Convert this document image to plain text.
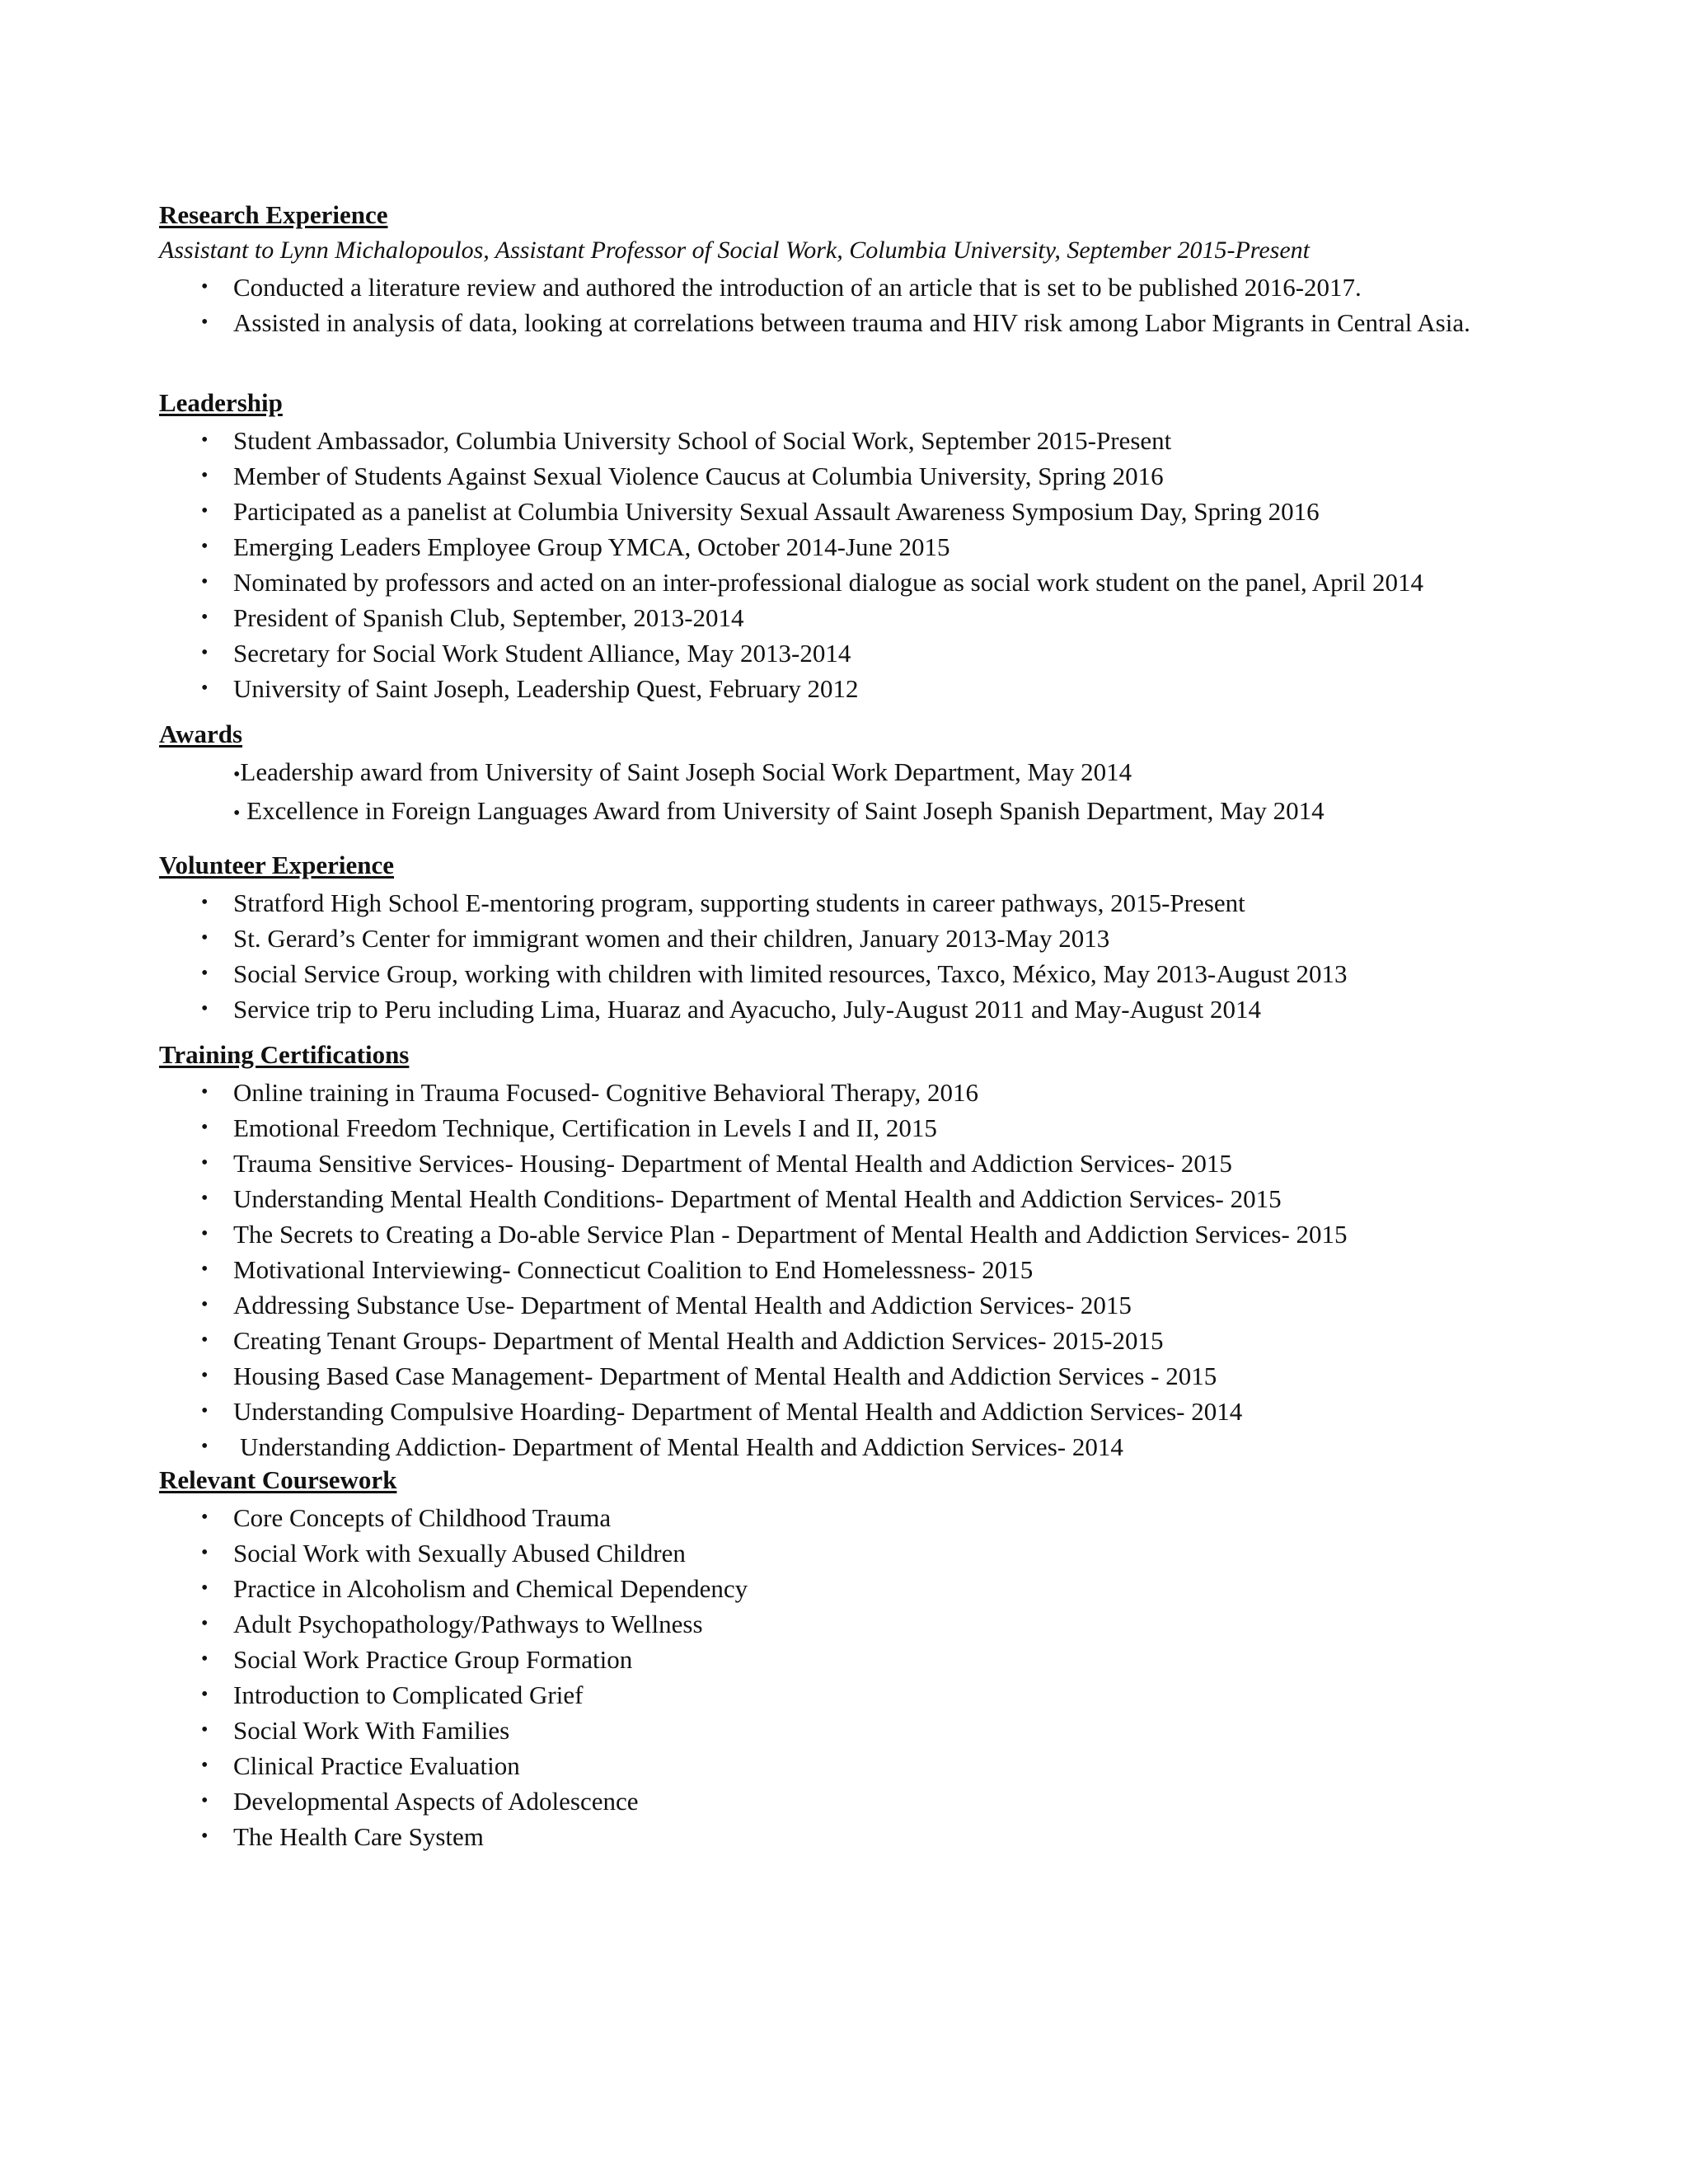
Research Experience
Assistant to Lynn Michalopoulos, Assistant Professor of Social Work, Columbia University, September 2015-Present
• Conducted a literature review and authored the introduction of an article that is set to be published 2016-2017.
• Assisted in analysis of data, looking at correlations between trauma and HIV risk among Labor Migrants in Central Asia.
Leadership
• Student Ambassador, Columbia University School of Social Work, September 2015-Present
• Member of Students Against Sexual Violence Caucus at Columbia University, Spring 2016
• Participated as a panelist at Columbia University Sexual Assault Awareness Symposium Day, Spring 2016
• Emerging Leaders Employee Group YMCA, October 2014-June 2015
• Nominated by professors and acted on an inter-professional dialogue as social work student on the panel, April 2014
• President of Spanish Club, September, 2013-2014
• Secretary for Social Work Student Alliance, May 2013-2014
• University of Saint Joseph, Leadership Quest, February 2012
Awards
•Leadership award from University of Saint Joseph Social Work Department, May 2014
• Excellence in Foreign Languages Award from University of Saint Joseph Spanish Department, May 2014
Volunteer Experience
• Stratford High School E-mentoring program, supporting students in career pathways, 2015-Present
• St. Gerard’s Center for immigrant women and their children, January 2013-May 2013
• Social Service Group, working with children with limited resources, Taxco, México, May 2013-August 2013
• Service trip to Peru including Lima, Huaraz and Ayacucho, July-August 2011 and May-August 2014
Training Certifications
• Online training in Trauma Focused- Cognitive Behavioral Therapy, 2016
• Emotional Freedom Technique, Certification in Levels I and II, 2015
• Trauma Sensitive Services- Housing- Department of Mental Health and Addiction Services- 2015
• Understanding Mental Health Conditions- Department of Mental Health and Addiction Services- 2015
• The Secrets to Creating a Do-able Service Plan - Department of Mental Health and Addiction Services- 2015
• Motivational Interviewing- Connecticut Coalition to End Homelessness- 2015
• Addressing Substance Use- Department of Mental Health and Addiction Services- 2015
• Creating Tenant Groups- Department of Mental Health and Addiction Services- 2015-2015
• Housing Based Case Management- Department of Mental Health and Addiction Services - 2015
• Understanding Compulsive Hoarding- Department of Mental Health and Addiction Services- 2014
• Understanding Addiction- Department of Mental Health and Addiction Services- 2014
Relevant Coursework
• Core Concepts of Childhood Trauma
• Social Work with Sexually Abused Children
• Practice in Alcoholism and Chemical Dependency
• Adult Psychopathology/Pathways to Wellness
• Social Work Practice Group Formation
• Introduction to Complicated Grief
• Social Work With Families
• Clinical Practice Evaluation
• Developmental Aspects of Adolescence
• The Health Care System
